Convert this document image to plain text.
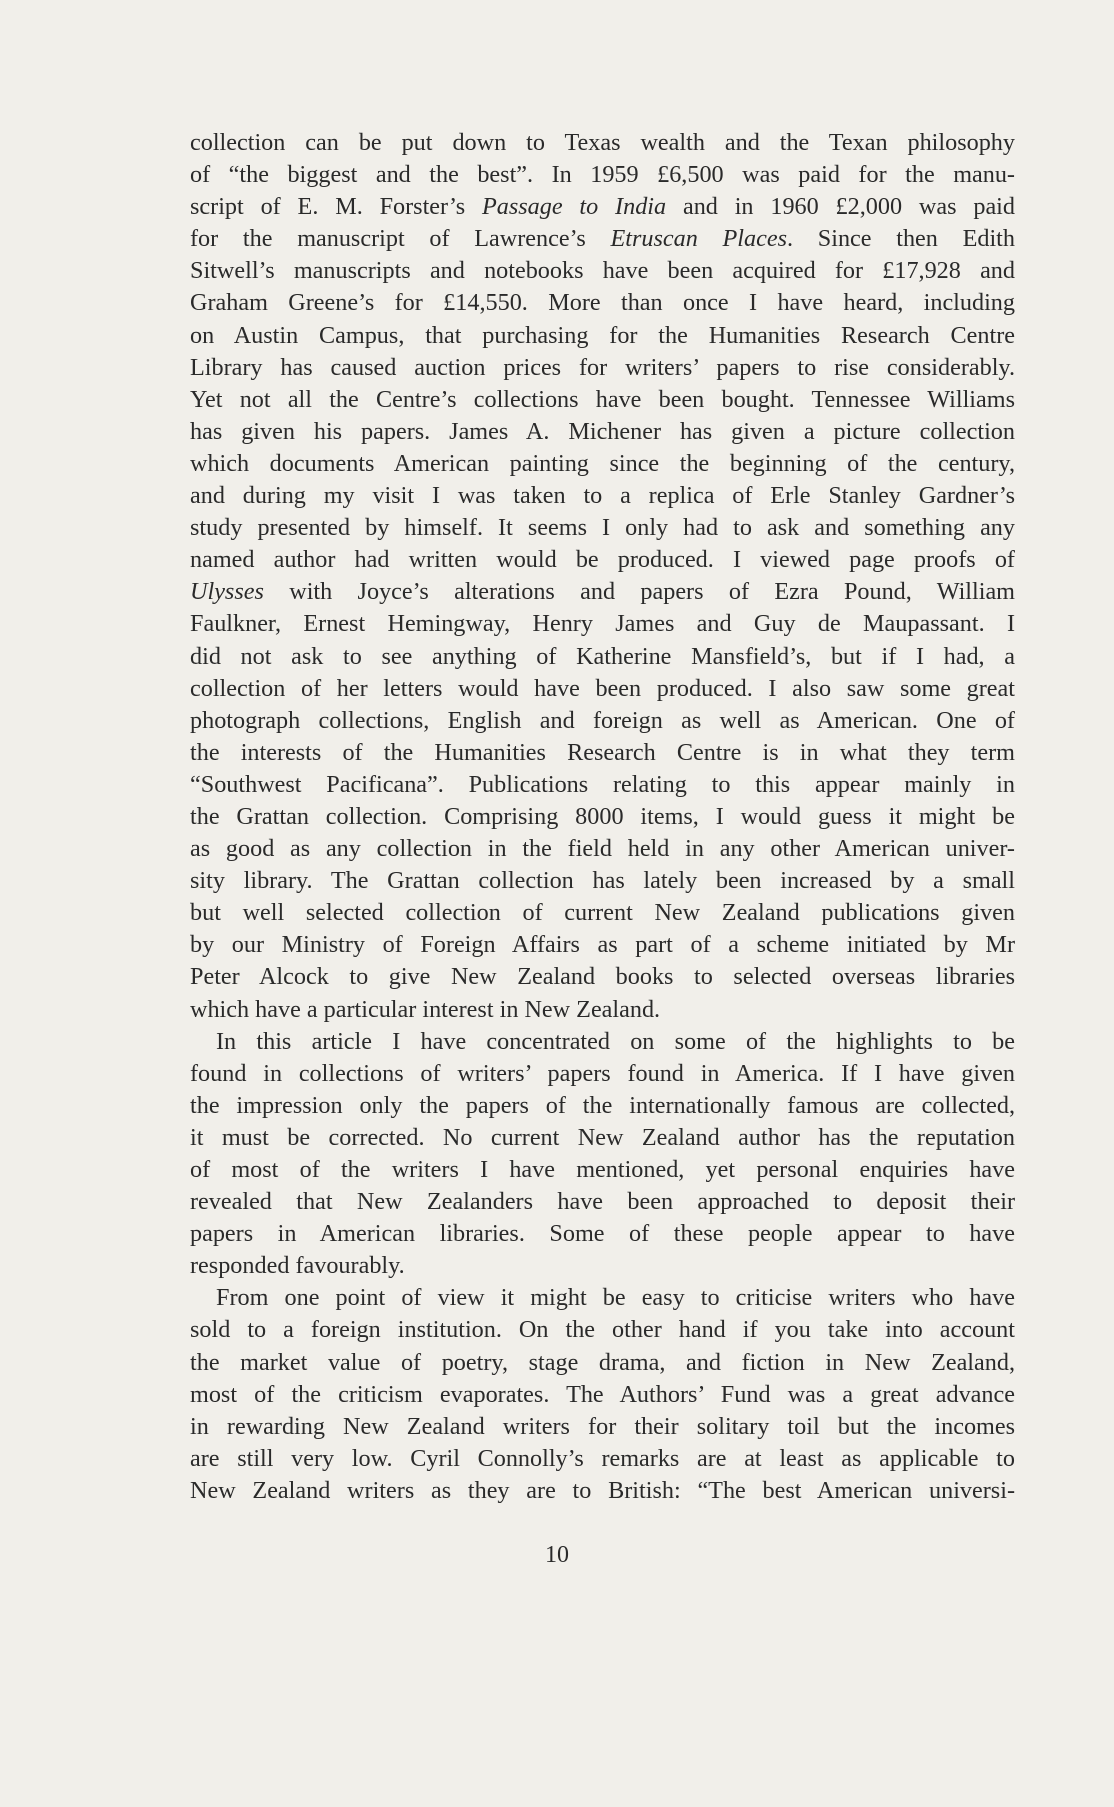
collection can be put down to Texas wealth and the Texan philosophy
of “the biggest and the best”. In 1959 £6,500 was paid for the manu-
script of E. M. Forster’s Passage to India and in 1960 £2,000 was paid
for the manuscript of Lawrence’s Etruscan Places. Since then Edith
Sitwell’s manuscripts and notebooks have been acquired for £17,928 and
Graham Greene’s for £14,550. More than once I have heard, including
on Austin Campus, that purchasing for the Humanities Research Centre
Library has caused auction prices for writers’ papers to rise considerably.
Yet not all the Centre’s collections have been bought. Tennessee Williams
has given his papers. James A. Michener has given a picture collection
which documents American painting since the beginning of the century,
and during my visit I was taken to a replica of Erle Stanley Gardner’s
study presented by himself. It seems I only had to ask and something any
named author had written would be produced. I viewed page proofs of
Ulysses with Joyce’s alterations and papers of Ezra Pound, William
Faulkner, Ernest Hemingway, Henry James and Guy de Maupassant. I
did not ask to see anything of Katherine Mansfield’s, but if I had, a
collection of her letters would have been produced. I also saw some great
photograph collections, English and foreign as well as American. One of
the interests of the Humanities Research Centre is in what they term
“Southwest Pacificana”. Publications relating to this appear mainly in
the Grattan collection. Comprising 8000 items, I would guess it might be
as good as any collection in the field held in any other American univer-
sity library. The Grattan collection has lately been increased by a small
but well selected collection of current New Zealand publications given
by our Ministry of Foreign Affairs as part of a scheme initiated by Mr
Peter Alcock to give New Zealand books to selected overseas libraries
which have a particular interest in New Zealand.
In this article I have concentrated on some of the highlights to be
found in collections of writers’ papers found in America. If I have given
the impression only the papers of the internationally famous are collected,
it must be corrected. No current New Zealand author has the reputation
of most of the writers I have mentioned, yet personal enquiries have
revealed that New Zealanders have been approached to deposit their
papers in American libraries. Some of these people appear to have
responded favourably.
From one point of view it might be easy to criticise writers who have
sold to a foreign institution. On the other hand if you take into account
the market value of poetry, stage drama, and fiction in New Zealand,
most of the criticism evaporates. The Authors’ Fund was a great advance
in rewarding New Zealand writers for their solitary toil but the incomes
are still very low. Cyril Connolly’s remarks are at least as applicable to
New Zealand writers as they are to British: “The best American universi-
10
